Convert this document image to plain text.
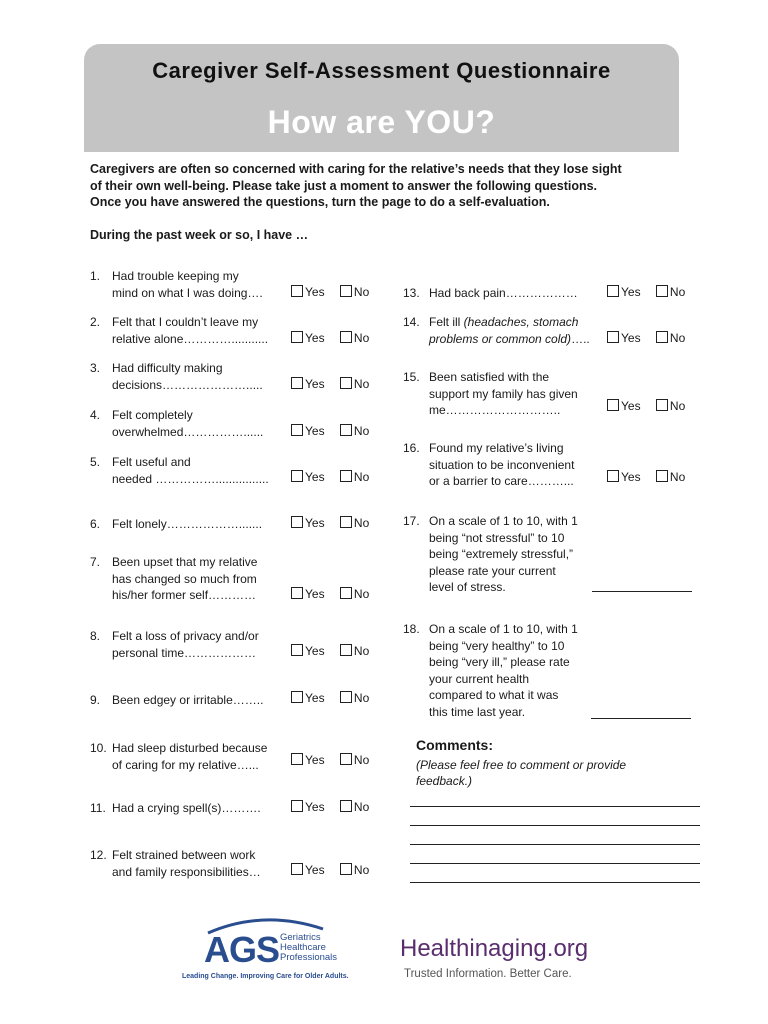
Caregiver Self-Assessment Questionnaire
How are YOU?
Caregivers are often so concerned with caring for the relative’s needs that they lose sight
of their own well-being. Please take just a moment to answer the following questions.
Once you have answered the questions, turn the page to do a self-evaluation.
During the past week or so, I have …
1. Had trouble keeping my
mind on what I was doing….	Yes No
2. Felt that I couldn’t leave my
relative alone…………...........	Yes No
3. Had difficulty making
decisions………………….....	Yes No
4. Felt completely
overwhelmed……………......	Yes No
5. Felt useful and
needed ……………................	Yes No
6. Felt lonely……………….......	Yes No
7. Been upset that my relative
has changed so much from
his/her former self…………	Yes No
8. Felt a loss of privacy and/or
personal time………………	Yes No
9. Been edgey or irritable……..	Yes No
10. Had sleep disturbed because
of caring for my relative…...	Yes No
11. Had a crying spell(s)……….	Yes No
12. Felt strained between work
and family responsibilities…	Yes No
13. Had back pain………………	Yes No
14. Felt ill (headaches, stomach
problems or common cold)…..	Yes No
15. Been satisfied with the
support my family has given
me………………………..	Yes No
16. Found my relative’s living
situation to be inconvenient
or a barrier to care………...	Yes No
17. On a scale of 1 to 10, with 1
being “not stressful” to 10
being “extremely stressful,”
please rate your current
level of stress.
18. On a scale of 1 to 10, with 1
being “very healthy” to 10
being “very ill,” please rate
your current health
compared to what it was
this time last year.
Comments:
(Please feel free to comment or provide feedback.)
AGS Geriatrics
Healthcare
Professionals
Leading Change. Improving Care for Older Adults.
Healthinaging.org
Trusted Information. Better Care.
